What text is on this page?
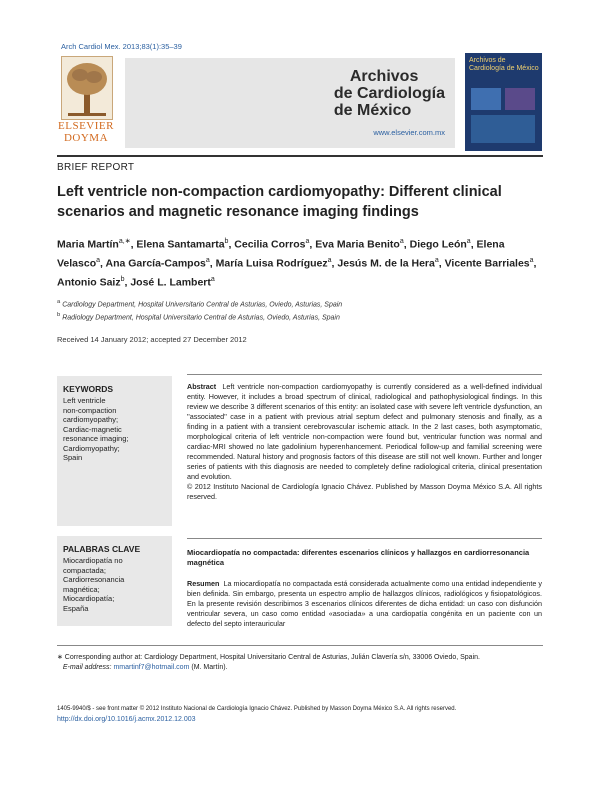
Arch Cardiol Mex. 2013;83(1):35–39
ELSEVIER
DOYMA
Archivos
de Cardiología
de México
www.elsevier.com.mx
Archivos de Cardiología de México
BRIEF REPORT
Left ventricle non-compaction cardiomyopathy: Different clinical scenarios and magnetic resonance imaging findings
Maria Martín$^{a,∗}$, Elena Santamarta$^b$, Cecilia Corros$^a$, Eva Maria Benito$^a$, Diego León$^a$, Elena Velasco$^a$, Ana García-Campos$^a$, María Luisa Rodríguez$^a$, Jesús M. de la Hera$^a$, Vicente Barriales$^a$, Antonio Saiz$^b$, José L. Lambert$^a$
$^a$ Cardiology Department, Hospital Universitario Central de Asturias, Oviedo, Asturias, Spain
$^b$ Radiology Department, Hospital Universitario Central de Asturias, Oviedo, Asturias, Spain
Received 14 January 2012; accepted 27 December 2012
KEYWORDS
Left ventricle
non-compaction
cardiomyopathy;
Cardiac-magnetic
resonance imaging;
Cardiomyopathy;
Spain
PALABRAS CLAVE
Miocardiopatía no
compactada;
Cardiorresonancia
magnética;
Miocardiopatía;
España
Abstract Left ventricle non-compaction cardiomyopathy is currently considered as a well-defined individual entity. However, it includes a broad spectrum of clinical, radiological and pathophysiological findings. In this review we describe 3 different scenarios of this entity: an isolated case with severe left ventricle dysfunction, an ''associated'' case in a patient with previous atrial septum defect and pulmonary stenosis and finally, as a finding in a patient with a transient cerebrovascular ischemic attack. In the 2 last cases, both asymptomatic, morphological criteria of left ventricle non-compaction were found but, ventricular function was normal and cardiac-MRI showed no late gadolinium hyperenhancement. Periodical follow-up and familial screening were recommended. Natural history and prognosis factors of this disease are still not well known. Further and longer series of patients with this diagnosis are needed to completely define radiological criteria, clinical presentation and evolution.
© 2012 Instituto Nacional de Cardiología Ignacio Chávez. Published by Masson Doyma México S.A. All rights reserved.
Miocardiopatía no compactada: diferentes escenarios clínicos y hallazgos en cardiorresonancia magnética
Resumen La miocardiopatía no compactada está considerada actualmente como una entidad independiente y bien definida. Sin embargo, presenta un espectro amplio de hallazgos clínicos, radiológicos y fisiopatológicos. En la presente revisión describimos 3 escenarios clínicos diferentes de dicha entidad: un caso con disfunción ventricular severa, un caso como entidad «asociada» a una cardiopatía congénita en un paciente con un defecto del septo interauricular
∗ Corresponding author at: Cardiology Department, Hospital Universitario Central de Asturias, Julián Clavería s/n, 33006 Oviedo, Spain.
E-mail address: mmartinf7@hotmail.com (M. Martín).
1405-9940/$ - see front matter © 2012 Instituto Nacional de Cardiología Ignacio Chávez. Published by Masson Doyma México S.A. All rights reserved.
http://dx.doi.org/10.1016/j.acmx.2012.12.003
